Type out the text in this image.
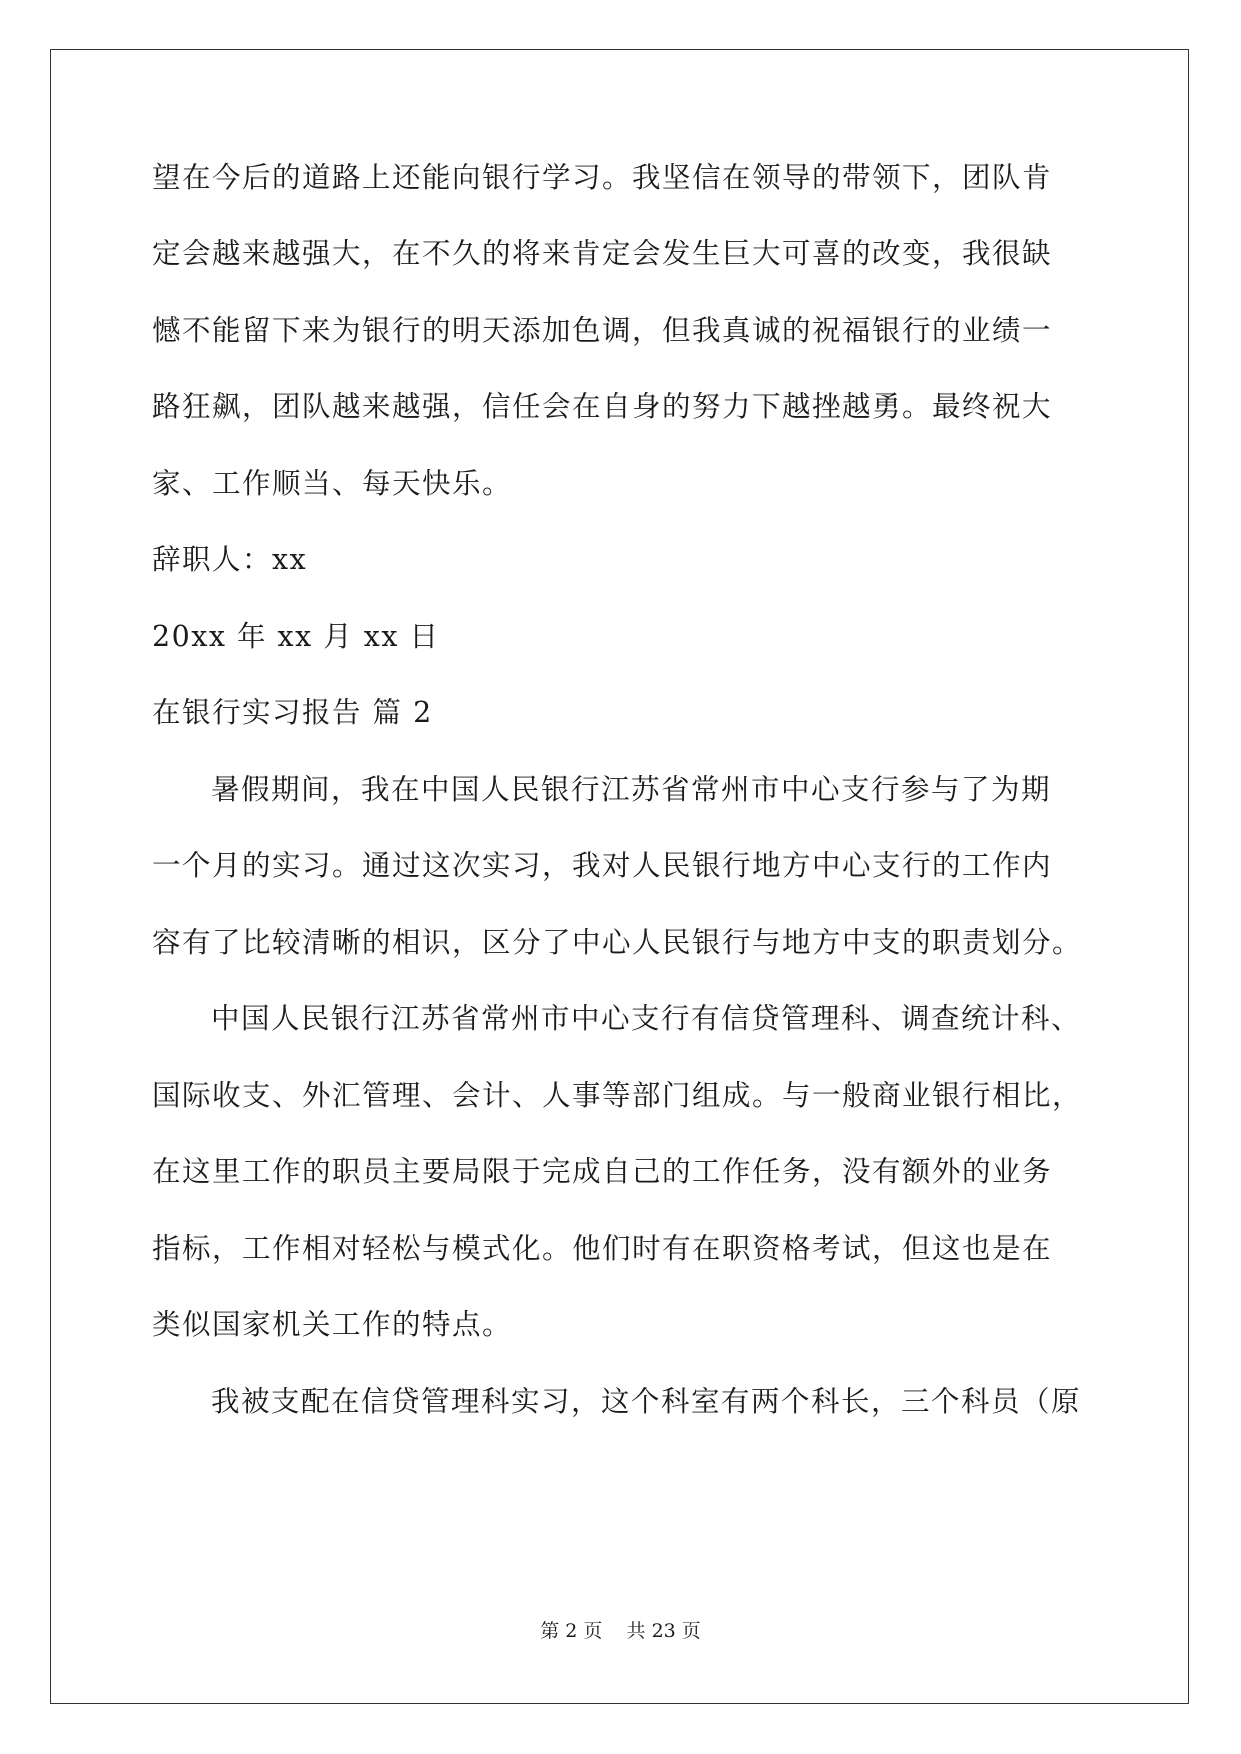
望在今后的道路上还能向银行学习。我坚信在领导的带领下，团队肯
定会越来越强大，在不久的将来肯定会发生巨大可喜的改变，我很缺
憾不能留下来为银行的明天添加色调，但我真诚的祝福银行的业绩一
路狂飙，团队越来越强，信任会在自身的努力下越挫越勇。最终祝大
家、工作顺当、每天快乐。
辞职人：xx
20xx 年 xx 月 xx 日
在银行实习报告 篇 2
暑假期间，我在中国人民银行江苏省常州市中心支行参与了为期
一个月的实习。通过这次实习，我对人民银行地方中心支行的工作内
容有了比较清晰的相识，区分了中心人民银行与地方中支的职责划分。
中国人民银行江苏省常州市中心支行有信贷管理科、调查统计科、
国际收支、外汇管理、会计、人事等部门组成。与一般商业银行相比，
在这里工作的职员主要局限于完成自己的工作任务，没有额外的业务
指标，工作相对轻松与模式化。他们时有在职资格考试，但这也是在
类似国家机关工作的特点。
我被支配在信贷管理科实习，这个科室有两个科长，三个科员（原
第 2 页    共 23 页
